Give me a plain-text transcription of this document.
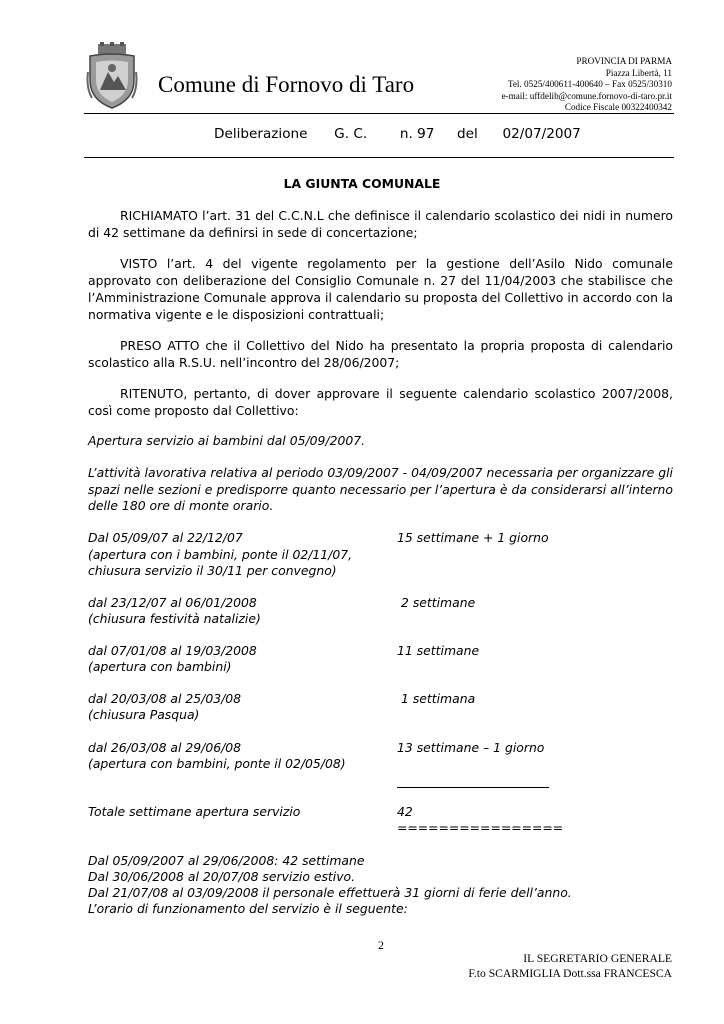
Comune di Fornovo di Taro
PROVINCIA DI PARMA
Piazza Libertà, 11
Tel. 0525/400611-400640 – Fax 0525/30310
e-mail: uffdelib@comune.fornovo-di-taro.pr.it
Codice Fiscale 00322400342
Deliberazione G. C. n. 97 del 02/07/2007
LA GIUNTA COMUNALE
RICHIAMATO l’art. 31 del C.C.N.L che definisce il calendario scolastico dei nidi in numero di 42 settimane da definirsi in sede di concertazione;
VISTO l’art. 4 del vigente regolamento per la gestione dell’Asilo Nido comunale approvato con deliberazione del Consiglio Comunale n. 27 del 11/04/2003 che stabilisce che l’Amministrazione Comunale approva il calendario su proposta del Collettivo in accordo con la normativa vigente e le disposizioni contrattuali;
PRESO ATTO che il Collettivo del Nido ha presentato la propria proposta di calendario scolastico alla R.S.U. nell’incontro del 28/06/2007;
RITENUTO, pertanto, di dover approvare il seguente calendario scolastico 2007/2008, così come proposto dal Collettivo:
Apertura servizio ai bambini dal 05/09/2007.
L’attività lavorativa relativa al periodo 03/09/2007 - 04/09/2007 necessaria per organizzare gli spazi nelle sezioni e predisporre quanto necessario per l’apertura è da considerarsi all’interno delle 180 ore di monte orario.
Dal 05/09/07 al 22/12/07
(apertura con i bambini, ponte il 02/11/07,
chiusura servizio il 30/11 per convegno)
15 settimane + 1 giorno
dal 23/12/07 al 06/01/2008
(chiusura festività natalizie)
2 settimane
dal 07/01/08 al 19/03/2008
(apertura con bambini)
11 settimane
dal 20/03/08 al 25/03/08
(chiusura Pasqua)
1 settimana
dal 26/03/08 al 29/06/08
(apertura con bambini, ponte il 02/05/08)
13 settimane – 1 giorno
Totale settimane apertura servizio	42
================
Dal 05/09/2007 al 29/06/2008: 42 settimane
Dal 30/06/2008 al 20/07/08 servizio estivo.
Dal 21/07/08 al 03/09/2008 il personale effettuerà 31 giorni di ferie dell’anno.
L’orario di funzionamento del servizio è il seguente:
2
IL SEGRETARIO GENERALE
F.to SCARMIGLIA Dott.ssa FRANCESCA
